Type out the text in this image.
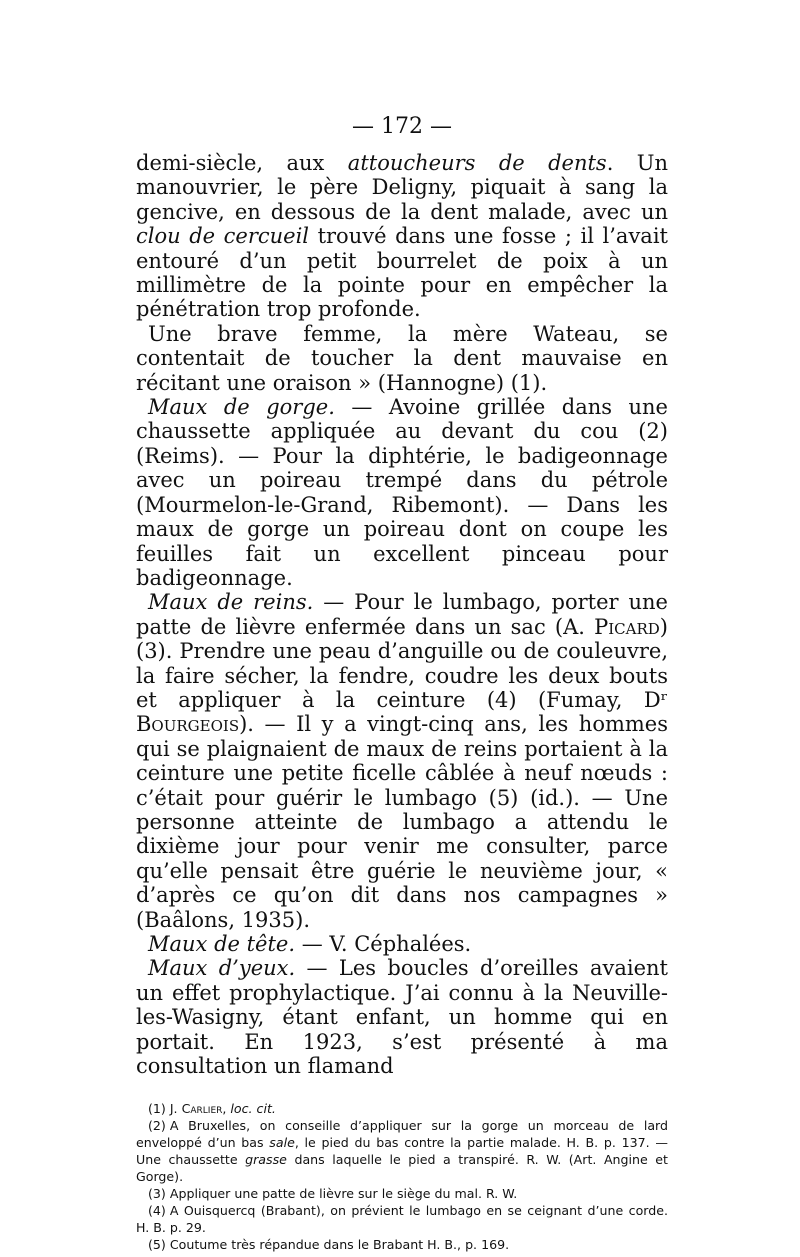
— 172 —

demi-siècle, aux attoucheurs de dents. Un manouvrier, le père Deligny, piquait à sang la gencive, en dessous de la dent malade, avec un clou de cercueil trouvé dans une fosse ; il l’avait entouré d’un petit bourrelet de poix à un millimètre de la pointe pour en empêcher la pénétration trop profonde.

Une brave femme, la mère Wateau, se contentait de toucher la dent mauvaise en récitant une oraison » (Hannogne) (1).

Maux de gorge. — Avoine grillée dans une chaussette appliquée au devant du cou (2) (Reims). — Pour la diphtérie, le badigeonnage avec un poireau trempé dans du pétrole (Mourmelon-le-Grand, Ribemont). — Dans les maux de gorge un poireau dont on coupe les feuilles fait un excellent pinceau pour badigeonnage.

Maux de reins. — Pour le lumbago, porter une patte de lièvre enfermée dans un sac (A. Picard) (3). Prendre une peau d’anguille ou de couleuvre, la faire sécher, la fendre, coudre les deux bouts et appliquer à la ceinture (4) (Fumay, Dʳ Bourgeois). — Il y a vingt-cinq ans, les hommes qui se plaignaient de maux de reins portaient à la ceinture une petite ficelle câblée à neuf nœuds : c’était pour guérir le lumbago (5) (id.). — Une personne atteinte de lumbago a attendu le dixième jour pour venir me consulter, parce qu’elle pensait être guérie le neuvième jour, « d’après ce qu’on dit dans nos campagnes » (Baâlons, 1935).

Maux de tête. — V. Céphalées.

Maux d’yeux. — Les boucles d’oreilles avaient un effet prophylactique. J’ai connu à la Neuville-les-Wasigny, étant enfant, un homme qui en portait. En 1923, s’est présenté à ma consultation un flamand

(1) J. Carlier, loc. cit.

(2) A Bruxelles, on conseille d’appliquer sur la gorge un morceau de lard enveloppé d’un bas sale, le pied du bas contre la partie malade. H. B. p. 137. — Une chaussette grasse dans laquelle le pied a transpiré. R. W. (Art. Angine et Gorge).

(3) Appliquer une patte de lièvre sur le siège du mal. R. W.

(4) A Ouisquercq (Brabant), on prévient le lumbago en se ceignant d’une corde. H. B. p. 29.

(5) Coutume très répandue dans le Brabant H. B., p. 169.
